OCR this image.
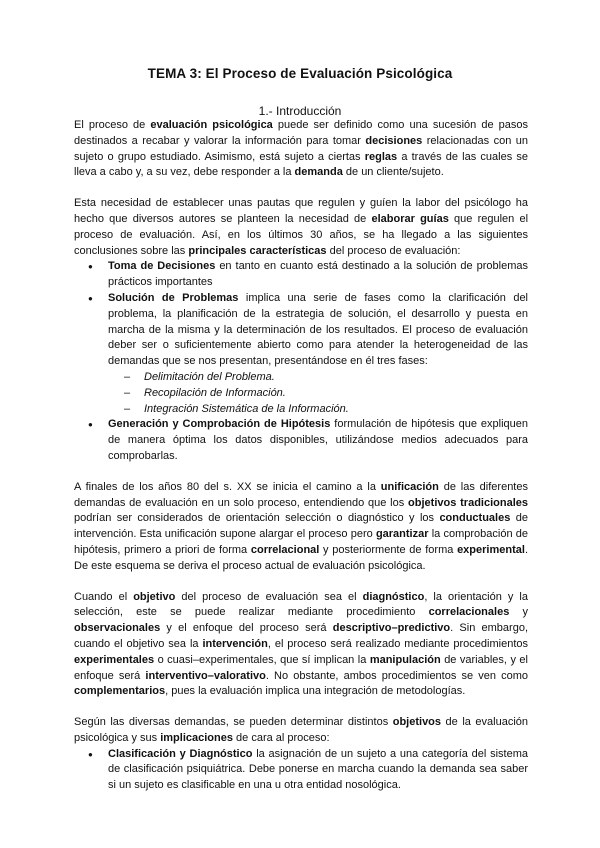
TEMA 3: El Proceso de Evaluación Psicológica
1.- Introducción

El proceso de evaluación psicológica puede ser definido como una sucesión de pasos destinados a recabar y valorar la información para tomar decisiones relacionadas con un sujeto o grupo estudiado. Asimismo, está sujeto a ciertas reglas a través de las cuales se lleva a cabo y, a su vez, debe responder a la demanda de un cliente/sujeto.

Esta necesidad de establecer unas pautas que regulen y guíen la labor del psicólogo ha hecho que diversos autores se planteen la necesidad de elaborar guías que regulen el proceso de evaluación. Así, en los últimos 30 años, se ha llegado a las siguientes conclusiones sobre las principales características del proceso de evaluación:

● Toma de Decisiones en tanto en cuanto está destinado a la solución de problemas prácticos importantes
● Solución de Problemas implica una serie de fases como la clarificación del problema, la planificación de la estrategia de solución, el desarrollo y puesta en marcha de la misma y la determinación de los resultados. El proceso de evaluación deber ser o suficientemente abierto como para atender la heterogeneidad de las demandas que se nos presentan, presentándose en él tres fases:
– Delimitación del Problema.
– Recopilación de Información.
– Integración Sistemática de la Información.
● Generación y Comprobación de Hipótesis formulación de hipótesis que expliquen de manera óptima los datos disponibles, utilizándose medios adecuados para comprobarlas.

A finales de los años 80 del s. XX se inicia el camino a la unificación de las diferentes demandas de evaluación en un solo proceso, entendiendo que los objetivos tradicionales podrían ser considerados de orientación selección o diagnóstico y los conductuales de intervención. Esta unificación supone alargar el proceso pero garantizar la comprobación de hipótesis, primero a priori de forma correlacional y posteriormente de forma experimental. De este esquema se deriva el proceso actual de evaluación psicológica.

Cuando el objetivo del proceso de evaluación sea el diagnóstico, la orientación y la selección, este se puede realizar mediante procedimiento correlacionales y observacionales y el enfoque del proceso será descriptivo–predictivo. Sin embargo, cuando el objetivo sea la intervención, el proceso será realizado mediante procedimientos experimentales o cuasi–experimentales, que sí implican la manipulación de variables, y el enfoque será interventivo–valorativo. No obstante, ambos procedimientos se ven como complementarios, pues la evaluación implica una integración de metodologías.

Según las diversas demandas, se pueden determinar distintos objetivos de la evaluación psicológica y sus implicaciones de cara al proceso:

● Clasificación y Diagnóstico la asignación de un sujeto a una categoría del sistema de clasificación psiquiátrica. Debe ponerse en marcha cuando la demanda sea saber si un sujeto es clasificable en una u otra entidad nosológica.
